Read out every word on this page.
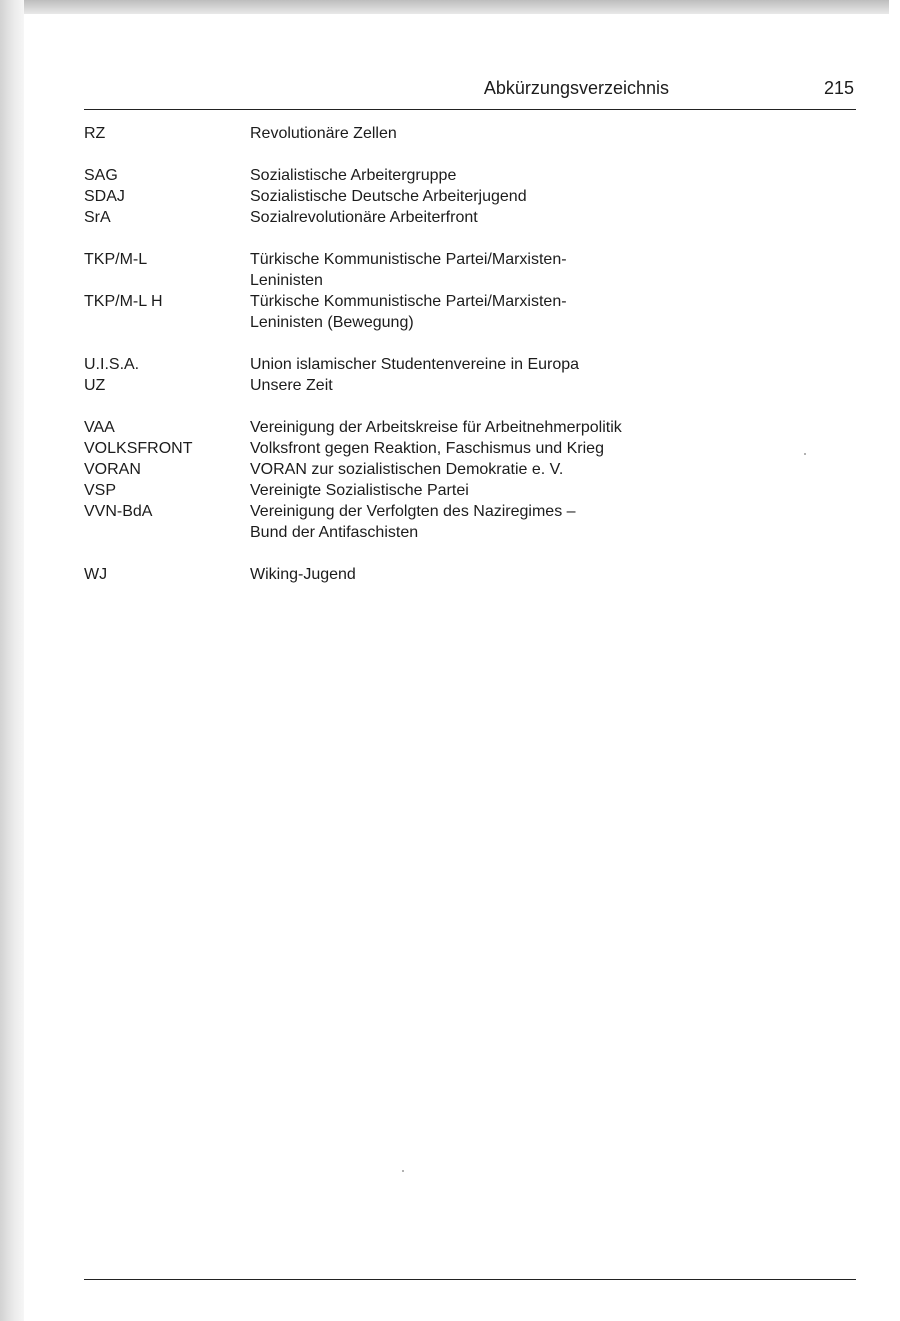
Abkürzungsverzeichnis	215
RZ	Revolutionäre Zellen
SAG	Sozialistische Arbeitergruppe
SDAJ	Sozialistische Deutsche Arbeiterjugend
SrA	Sozialrevolutionäre Arbeiterfront
TKP/M-L	Türkische Kommunistische Partei/Marxisten-
Leninisten
TKP/M-L H	Türkische Kommunistische Partei/Marxisten-
Leninisten (Bewegung)
U.I.S.A.	Union islamischer Studentenvereine in Europa
UZ	Unsere Zeit
VAA	Vereinigung der Arbeitskreise für Arbeitnehmerpolitik
VOLKSFRONT	Volksfront gegen Reaktion, Faschismus und Krieg
VORAN	VORAN zur sozialistischen Demokratie e. V.
VSP	Vereinigte Sozialistische Partei
VVN-BdA	Vereinigung der Verfolgten des Naziregimes –
Bund der Antifaschisten
WJ	Wiking-Jugend
